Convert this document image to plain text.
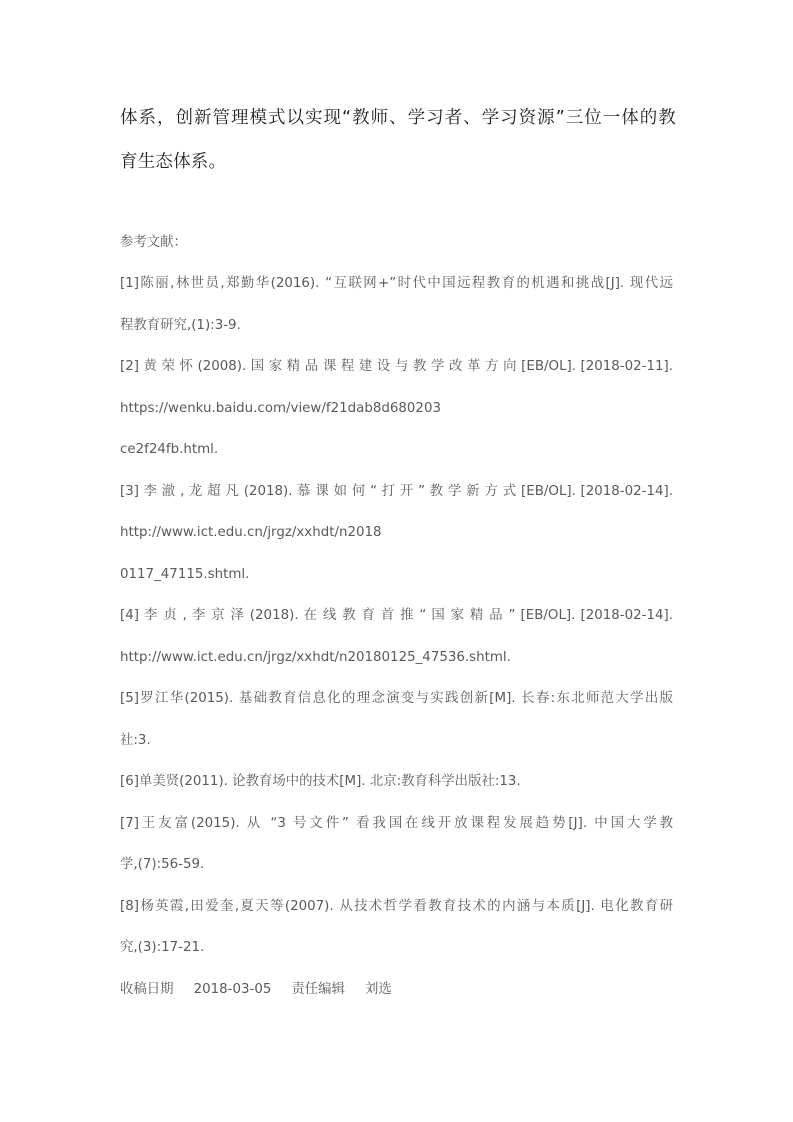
体系，创新管理模式以实现“教师、学习者、学习资源”三位一体的教
育生态体系。
参考文献：
[1]陈丽,林世员,郑勤华(2016). “互联网+”时代中国远程教育的机遇和挑战[J]. 现代远
程教育研究,(1):3-9.
[2] 黄 荣 怀 (2008). 国 家 精 品 课 程 建 设 与 教 学 改 革 方 向 [EB/OL]. [2018-02-11].
https://wenku.baidu.com/view/f21dab8d680203
ce2f24fb.html.
[3] 李 澈 , 龙 超 凡 (2018). 慕 课 如 何 “ 打 开 ” 教 学 新 方 式 [EB/OL]. [2018-02-14].
http://www.ict.edu.cn/jrgz/xxhdt/n2018
0117_47115.shtml.
[4] 李 贞 , 李 京 泽 (2018). 在 线 教 育 首 推 “ 国 家 精 品 ” [EB/OL]. [2018-02-14].
http://www.ict.edu.cn/jrgz/xxhdt/n20180125_47536.shtml.
[5]罗江华(2015). 基础教育信息化的理念演变与实践创新[M]. 长春:东北师范大学出版
社:3.
[6]单美贤(2011). 论教育场中的技术[M]. 北京:教育科学出版社:13.
[7]王友富(2015). 从 “3 号文件” 看我国在线开放课程发展趋势[J]. 中国大学教
学,(7):56-59.
[8]杨英霞,田爱奎,夏天等(2007). 从技术哲学看教育技术的内涵与本质[J]. 电化教育研
究,(3):17-21.
收稿日期 2018-03-05 责任编辑 刘选
